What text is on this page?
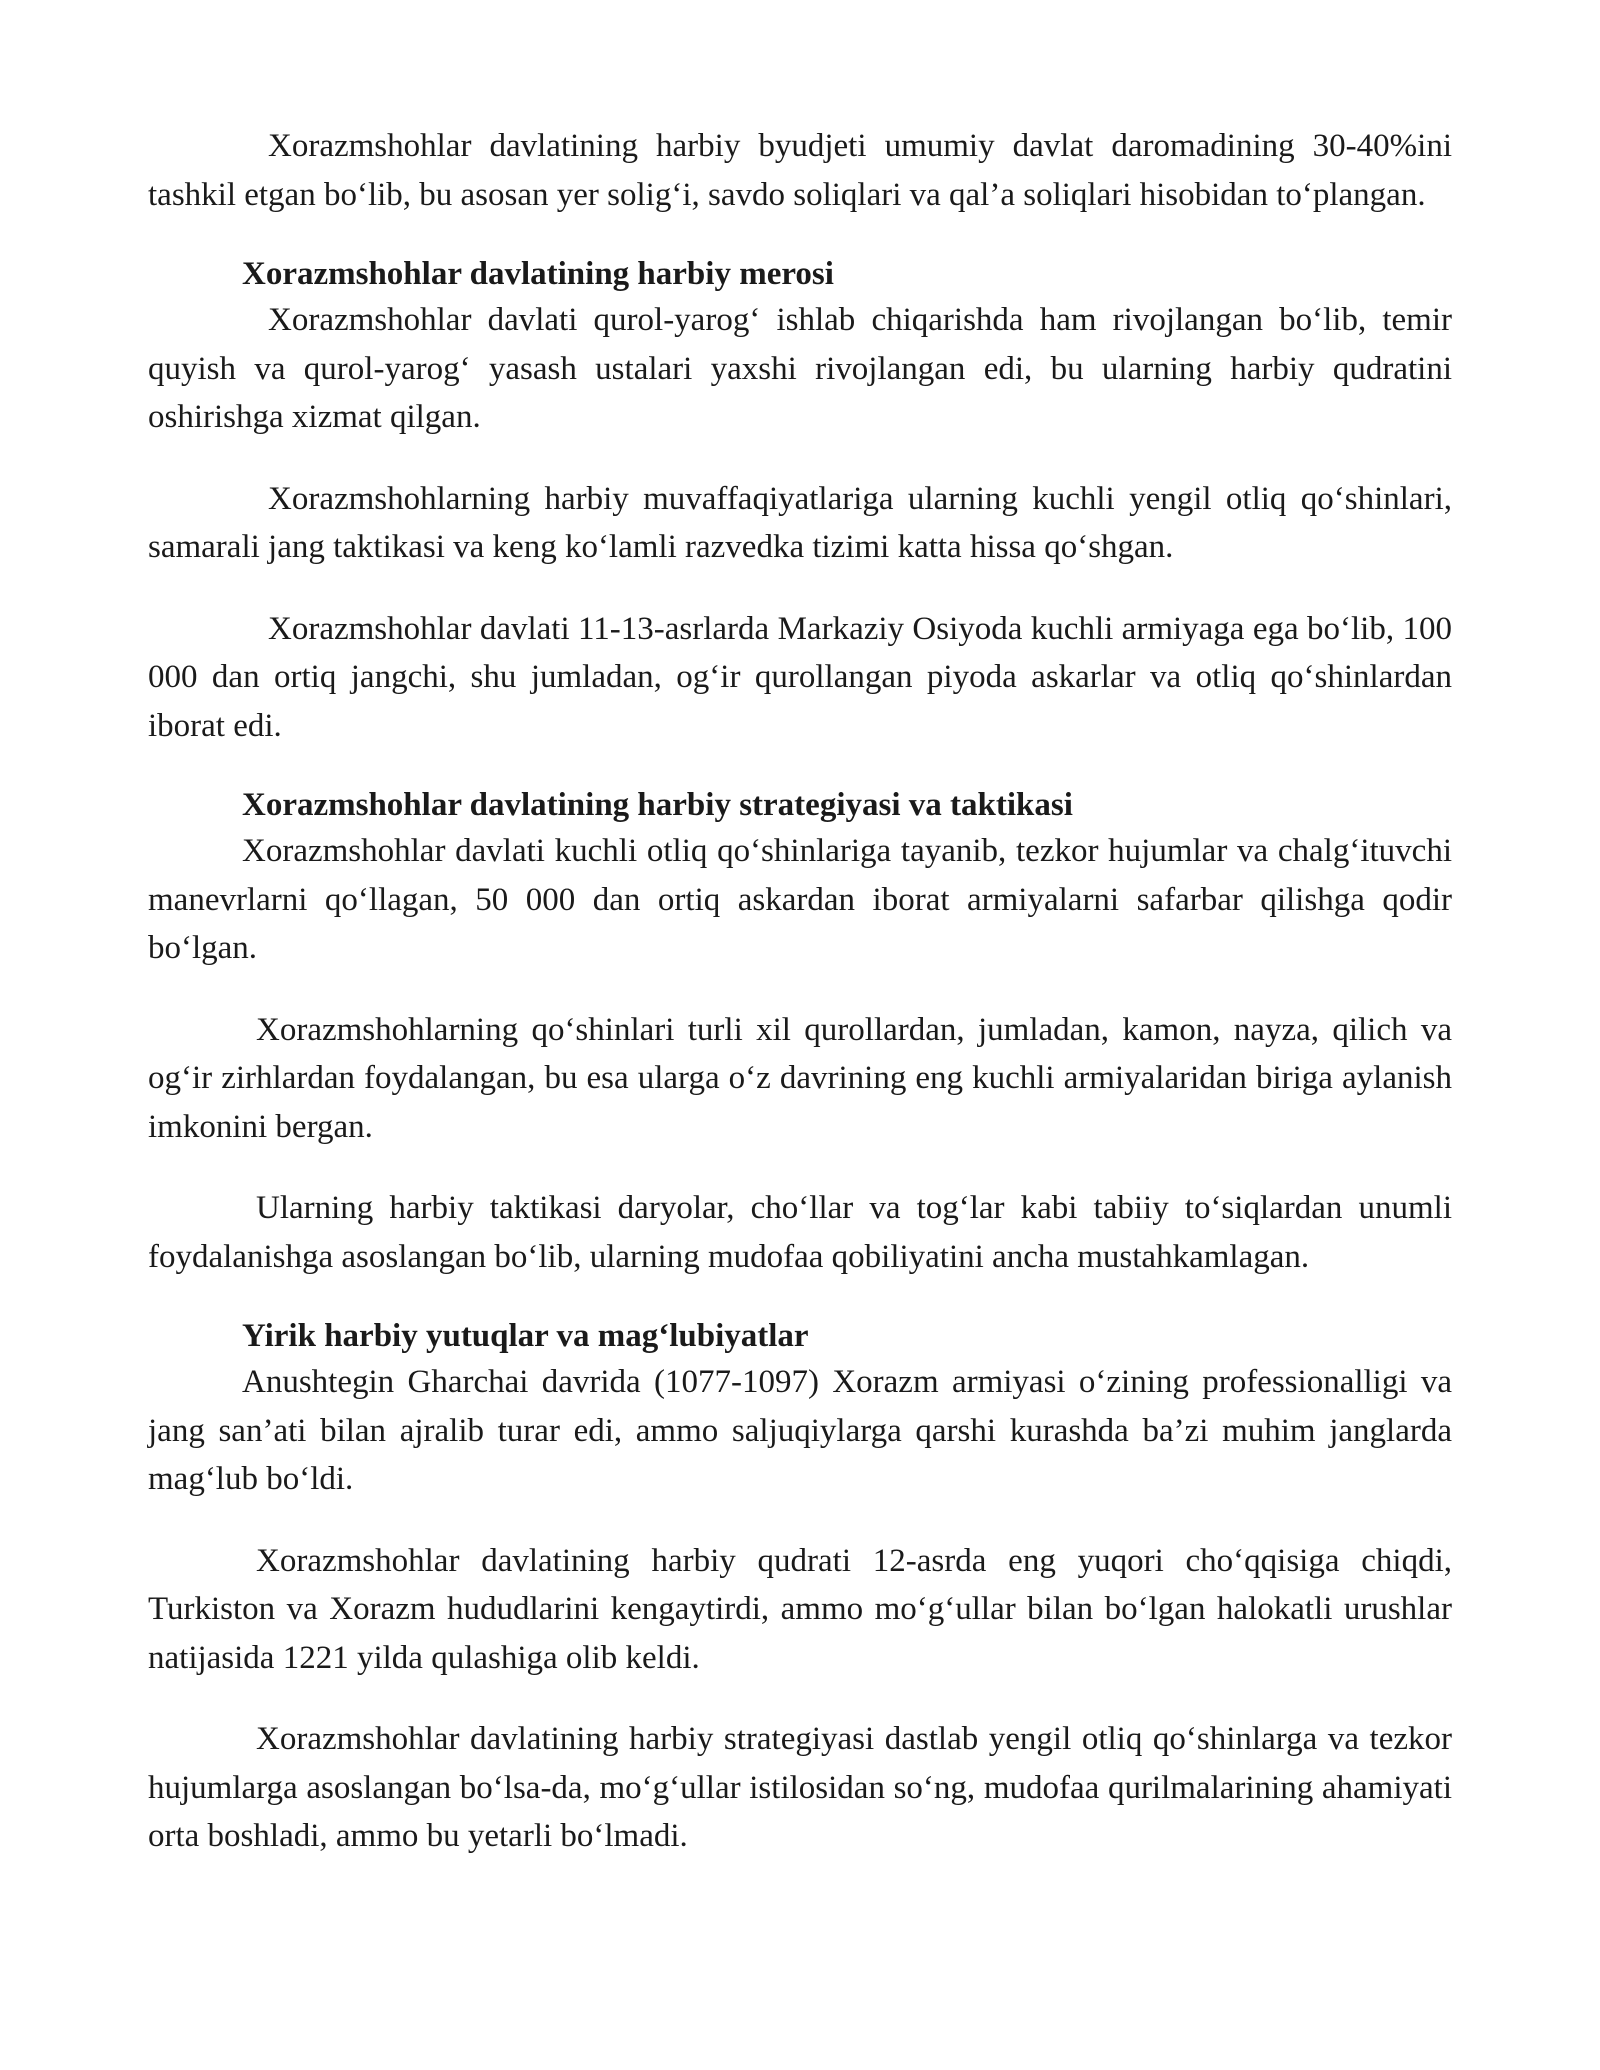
Xorazmshohlar davlatining harbiy byudjeti umumiy davlat daromadining 30-40%ini tashkil etgan bo‘lib, bu asosan yer solig‘i, savdo soliqlari va qal’a soliqlari hisobidan to‘plangan.

Xorazmshohlar davlatining harbiy merosi

Xorazmshohlar davlati qurol-yarog‘ ishlab chiqarishda ham rivojlangan bo‘lib, temir quyish va qurol-yarog‘ yasash ustalari yaxshi rivojlangan edi, bu ularning harbiy qudratini oshirishga xizmat qilgan.

Xorazmshohlarning harbiy muvaffaqiyatlariga ularning kuchli yengil otliq qo‘shinlari, samarali jang taktikasi va keng ko‘lamli razvedka tizimi katta hissa qo‘shgan.

Xorazmshohlar davlati 11-13-asrlarda Markaziy Osiyoda kuchli armiyaga ega bo‘lib, 100 000 dan ortiq jangchi, shu jumladan, og‘ir qurollangan piyoda askarlar va otliq qo‘shinlardan iborat edi.

Xorazmshohlar davlatining harbiy strategiyasi va taktikasi

Xorazmshohlar davlati kuchli otliq qo‘shinlariga tayanib, tezkor hujumlar va chalg‘ituvchi manevrlarni qo‘llagan, 50 000 dan ortiq askardan iborat armiyalarni safarbar qilishga qodir bo‘lgan.

Xorazmshohlarning qo‘shinlari turli xil qurollardan, jumladan, kamon, nayza, qilich va og‘ir zirhlardan foydalangan, bu esa ularga o‘z davrining eng kuchli armiyalaridan biriga aylanish imkonini bergan.

Ularning harbiy taktikasi daryolar, cho‘llar va tog‘lar kabi tabiiy to‘siqlardan unumli foydalanishga asoslangan bo‘lib, ularning mudofaa qobiliyatini ancha mustahkamlagan.

Yirik harbiy yutuqlar va mag‘lubiyatlar

Anushtegin Gharchai davrida (1077-1097) Xorazm armiyasi o‘zining professionalligi va jang san’ati bilan ajralib turar edi, ammo saljuqiylarga qarshi kurashda ba’zi muhim janglarda mag‘lub bo‘ldi.

Xorazmshohlar davlatining harbiy qudrati 12-asrda eng yuqori cho‘qqisiga chiqdi, Turkiston va Xorazm hududlarini kengaytirdi, ammo mo‘g‘ullar bilan bo‘lgan halokatli urushlar natijasida 1221 yilda qulashiga olib keldi.

Xorazmshohlar davlatining harbiy strategiyasi dastlab yengil otliq qo‘shinlarga va tezkor hujumlarga asoslangan bo‘lsa-da, mo‘g‘ullar istilosidan so‘ng, mudofaa qurilmalarining ahamiyati orta boshladi, ammo bu yetarli bo‘lmadi.
